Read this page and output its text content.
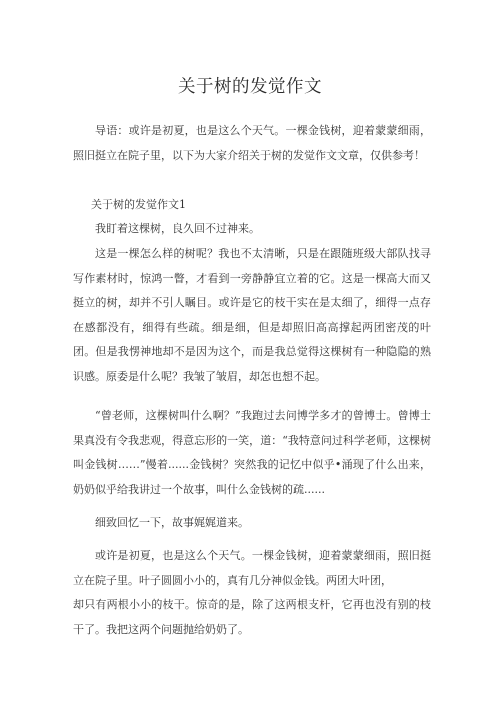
关于树的发觉作文
导语：或许是初夏，也是这么个天气。一棵金钱树，迎着蒙蒙细雨，照旧挺立在院子里，以下为大家介绍关于树的发觉作文文章，仅供参考！
关于树的发觉作文1
我盯着这棵树，良久回不过神来。
这是一棵怎么样的树呢？我也不太清晰，只是在跟随班级大部队找寻写作素材时，惊鸿一瞥，才看到一旁静静宜立着的它。这是一棵高大而又挺立的树，却并不引人瞩目。或许是它的枝干实在是太细了，细得一点存在感都没有，细得有些疏。细是细，但是却照旧高高撑起两团密茂的叶团。但是我愣神地却不是因为这个，而是我总觉得这棵树有一种隐隐的熟识感。原委是什么呢？我皱了皱眉，却怎也想不起。
“曾老师，这棵树叫什么啊？”我跑过去问博学多才的曾博士。曾博士果真没有令我悲观，得意忘形的一笑，道：“我特意问过科学老师，这棵树叫金钱树……”慢着......金钱树？突然我的记忆中似乎•涌现了什么出来，奶奶似乎给我讲过一个故事，叫什么金钱树的疏......
细致回忆一下，故事娓娓道来。
或许是初夏，也是这么个天气。一棵金钱树，迎着蒙蒙细雨，照旧挺立在院子里。叶子圆圆小小的，真有几分神似金钱。两团大叶团，
却只有两根小小的枝干。惊奇的是，除了这两根支杆，它再也没有别的枝干了。我把这两个问题抛给奶奶了。
